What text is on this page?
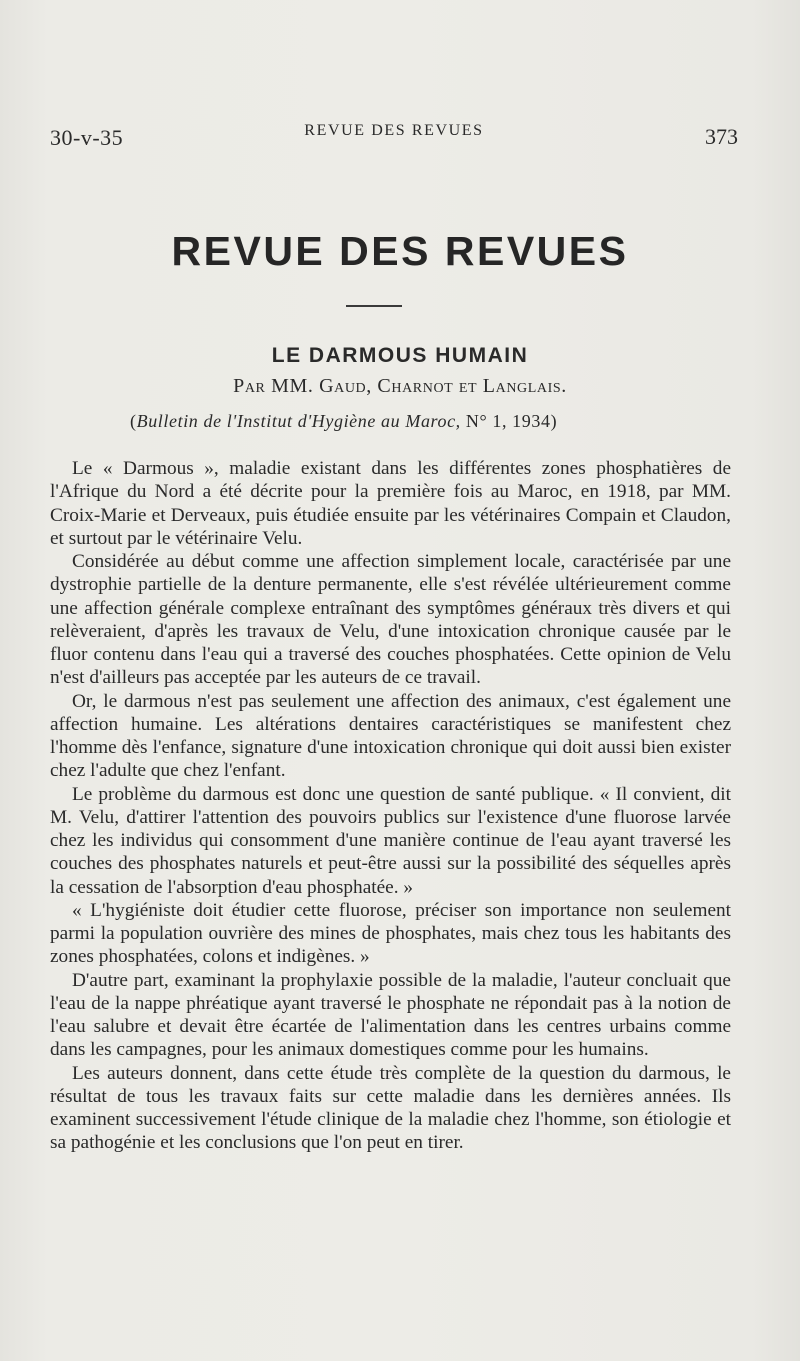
30-v-35	REVUE DES REVUES	373
REVUE DES REVUES
LE DARMOUS HUMAIN
Par MM. Gaud, Charnot et Langlais.
(Bulletin de l'Institut d'Hygiène au Maroc, N° 1, 1934)

Le « Darmous », maladie existant dans les différentes zones phosphatières de l'Afrique du Nord a été décrite pour la première fois au Maroc, en 1918, par MM. Croix-Marie et Derveaux, puis étudiée ensuite par les vétérinaires Compain et Claudon, et surtout par le vétérinaire Velu.

Considérée au début comme une affection simplement locale, caractérisée par une dystrophie partielle de la denture permanente, elle s'est révélée ultérieurement comme une affection générale complexe entraînant des symptômes généraux très divers et qui relèveraient, d'après les travaux de Velu, d'une intoxication chronique causée par le fluor contenu dans l'eau qui a traversé des couches phosphatées. Cette opinion de Velu n'est d'ailleurs pas acceptée par les auteurs de ce travail.

Or, le darmous n'est pas seulement une affection des animaux, c'est également une affection humaine. Les altérations dentaires caractéristiques se manifestent chez l'homme dès l'enfance, signature d'une intoxication chronique qui doit aussi bien exister chez l'adulte que chez l'enfant.

Le problème du darmous est donc une question de santé publique. « Il convient, dit M. Velu, d'attirer l'attention des pouvoirs publics sur l'existence d'une fluorose larvée chez les individus qui consomment d'une manière continue de l'eau ayant traversé les couches des phosphates naturels et peut-être aussi sur la possibilité des séquelles après la cessation de l'absorption d'eau phosphatée. »

« L'hygiéniste doit étudier cette fluorose, préciser son importance non seulement parmi la population ouvrière des mines de phosphates, mais chez tous les habitants des zones phosphatées, colons et indigènes. »

D'autre part, examinant la prophylaxie possible de la maladie, l'auteur concluait que l'eau de la nappe phréatique ayant traversé le phosphate ne répondait pas à la notion de l'eau salubre et devait être écartée de l'alimentation dans les centres urbains comme dans les campagnes, pour les animaux domestiques comme pour les humains.

Les auteurs donnent, dans cette étude très complète de la question du darmous, le résultat de tous les travaux faits sur cette maladie dans les dernières années. Ils examinent successivement l'étude clinique de la maladie chez l'homme, son étiologie et sa pathogénie et les conclusions que l'on peut en tirer.
